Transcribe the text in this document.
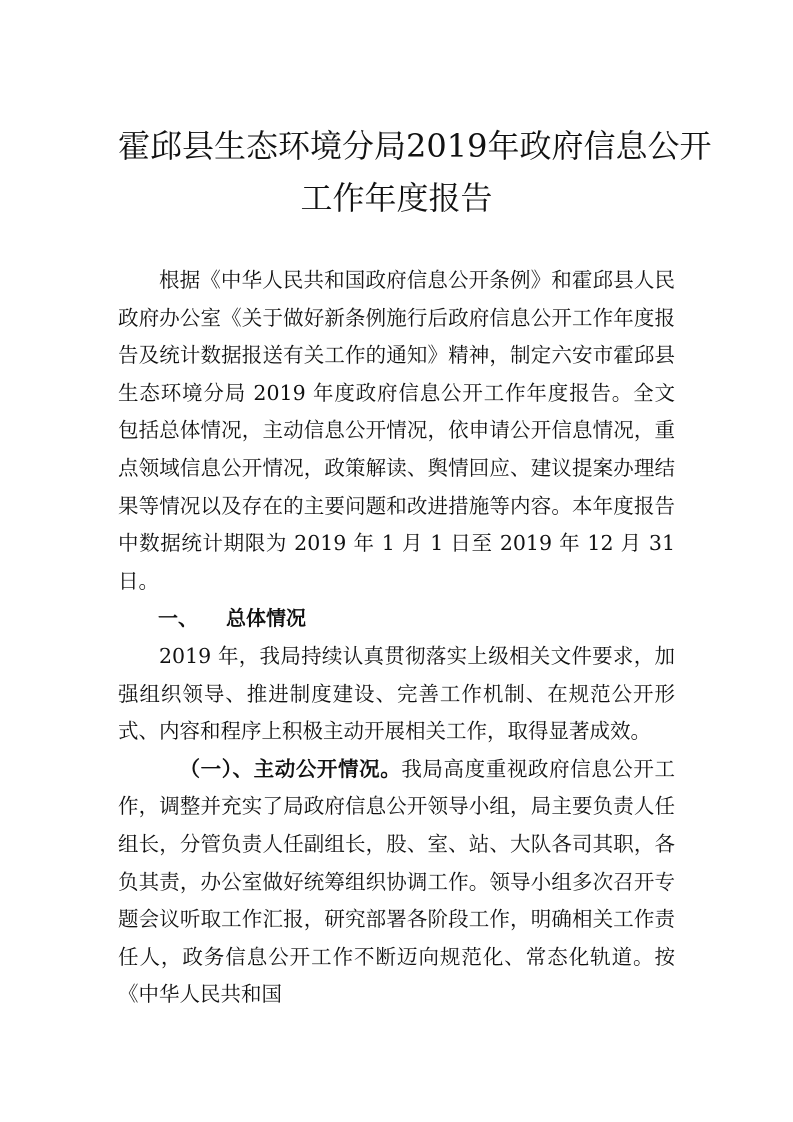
霍邱县生态环境分局2019年政府信息公开
工作年度报告

根据《中华人民共和国政府信息公开条例》和霍邱县人民政府办公室《关于做好新条例施行后政府信息公开工作年度报告及统计数据报送有关工作的通知》精神，制定六安市霍邱县生态环境分局 2019 年度政府信息公开工作年度报告。全文包括总体情况，主动信息公开情况，依申请公开信息情况，重点领域信息公开情况，政策解读、舆情回应、建议提案办理结果等情况以及存在的主要问题和改进措施等内容。本年度报告中数据统计期限为 2019 年 1 月 1 日至 2019 年 12 月 31 日。

一、 总体情况

2019 年，我局持续认真贯彻落实上级相关文件要求，加强组织领导、推进制度建设、完善工作机制、在规范公开形式、内容和程序上积极主动开展相关工作，取得显著成效。

（一）、主动公开情况。我局高度重视政府信息公开工作，调整并充实了局政府信息公开领导小组，局主要负责人任组长，分管负责人任副组长，股、室、站、大队各司其职，各负其责，办公室做好统筹组织协调工作。领导小组多次召开专题会议听取工作汇报，研究部署各阶段工作，明确相关工作责任人，政务信息公开工作不断迈向规范化、常态化轨道。按《中华人民共和国
